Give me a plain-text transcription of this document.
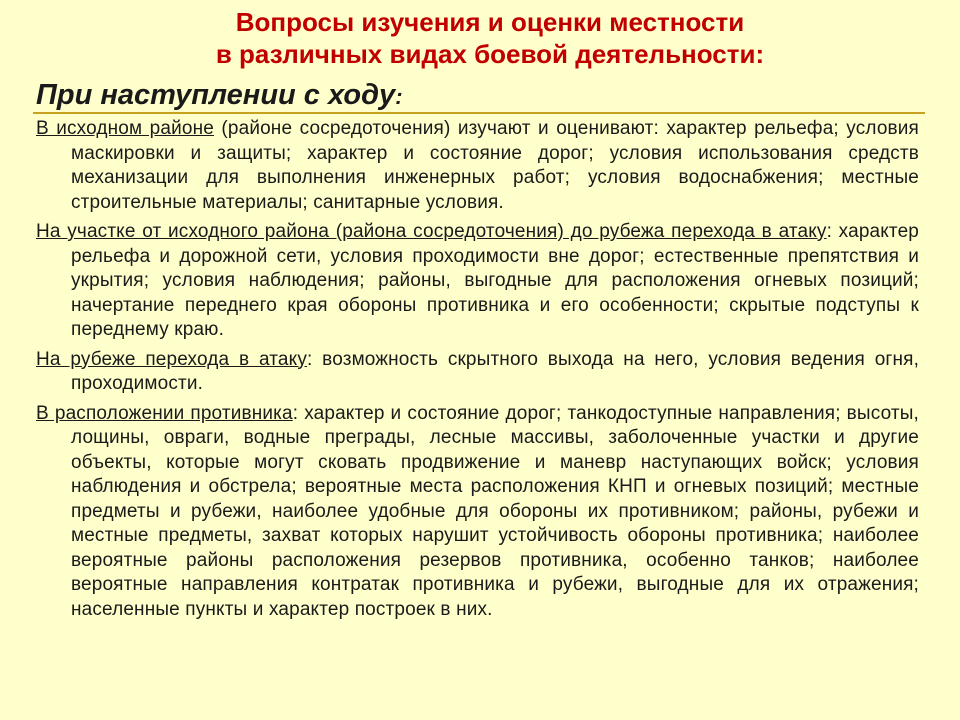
Вопросы изучения и оценки местности
в различных видах боевой деятельности:
При наступлении с ходу:

В исходном районе (районе сосредоточения) изучают и оценивают: характер рельефа; условия маскировки и защиты; характер и состояние дорог; условия использования средств механизации для выполнения инженерных работ; условия водоснабжения; местные строительные материалы; санитарные условия.

На участке от исходного района (района сосредоточения) до рубежа перехода в атаку: характер рельефа и дорожной сети, условия проходимости вне дорог; естественные препятствия и укрытия; условия наблюдения; районы, выгодные для расположения огневых позиций; начертание переднего края обороны противника и его особенности; скрытые подступы к переднему краю.

На рубеже перехода в атаку: возможность скрытного выхода на него, условия ведения огня, проходимости.

В расположении противника: характер и состояние дорог; танкодоступные направления; высоты, лощины, овраги, водные преграды, лесные массивы, заболоченные участки и другие объекты, которые могут сковать продвижение и маневр наступающих войск; условия наблюдения и обстрела; вероятные места расположения КНП и огневых позиций; местные предметы и рубежи, наиболее удобные для обороны их противником; районы, рубежи и местные предметы, захват которых нарушит устойчивость обороны противника; наиболее вероятные районы расположения резервов противника, особенно танков; наиболее вероятные направления контратак противника и рубежи, выгодные для их отражения; населенные пункты и характер построек в них.
